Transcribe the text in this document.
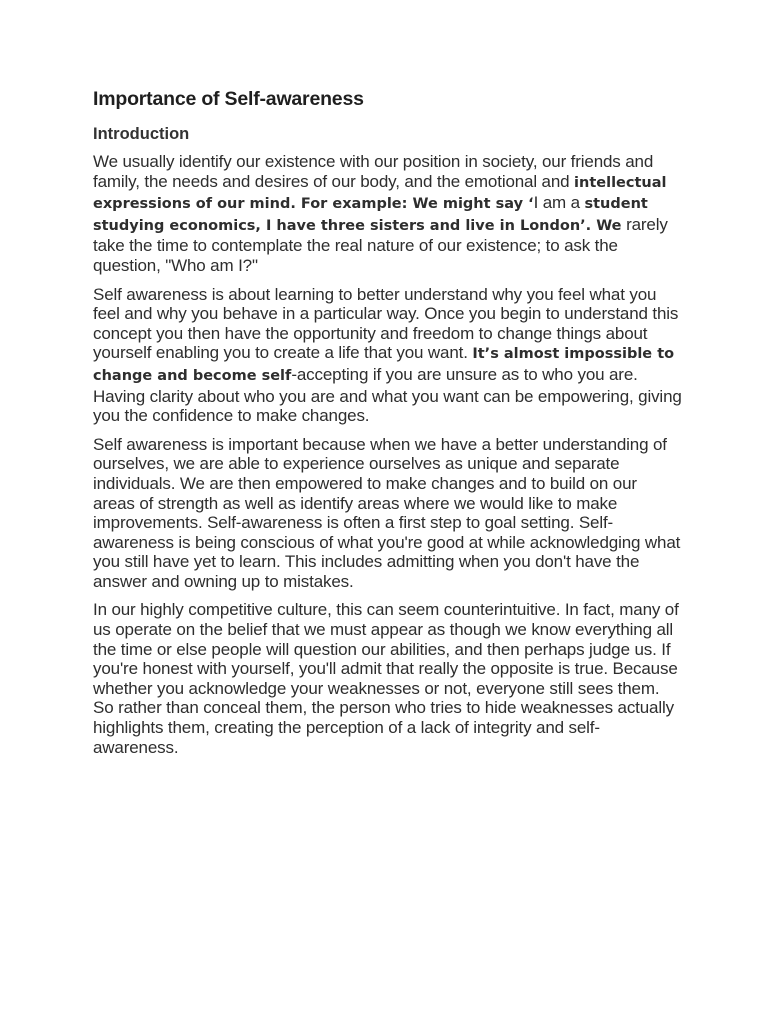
Importance of Self-awareness
Introduction

We usually identify our existence with our position in society, our friends and family, the needs and desires of our body, and the emotional and intellectual expressions of our mind. For example: We might say ‘I am a student studying economics, I have three sisters and live in London’. We rarely take the time to contemplate the real nature of our existence; to ask the question, "Who am I?"

Self awareness is about learning to better understand why you feel what you feel and why you behave in a particular way. Once you begin to understand this concept you then have the opportunity and freedom to change things about yourself enabling you to create a life that you want. It’s almost impossible to change and become self-accepting if you are unsure as to who you are. Having clarity about who you are and what you want can be empowering, giving you the confidence to make changes.

Self awareness is important because when we have a better understanding of ourselves, we are able to experience ourselves as unique and separate individuals. We are then empowered to make changes and to build on our areas of strength as well as identify areas where we would like to make improvements. Self-awareness is often a first step to goal setting. Self-awareness is being conscious of what you're good at while acknowledging what you still have yet to learn. This includes admitting when you don't have the answer and owning up to mistakes.

In our highly competitive culture, this can seem counterintuitive. In fact, many of us operate on the belief that we must appear as though we know everything all the time or else people will question our abilities, and then perhaps judge us. If you're honest with yourself, you'll admit that really the opposite is true. Because whether you acknowledge your weaknesses or not, everyone still sees them. So rather than conceal them, the person who tries to hide weaknesses actually highlights them, creating the perception of a lack of integrity and self-awareness.
